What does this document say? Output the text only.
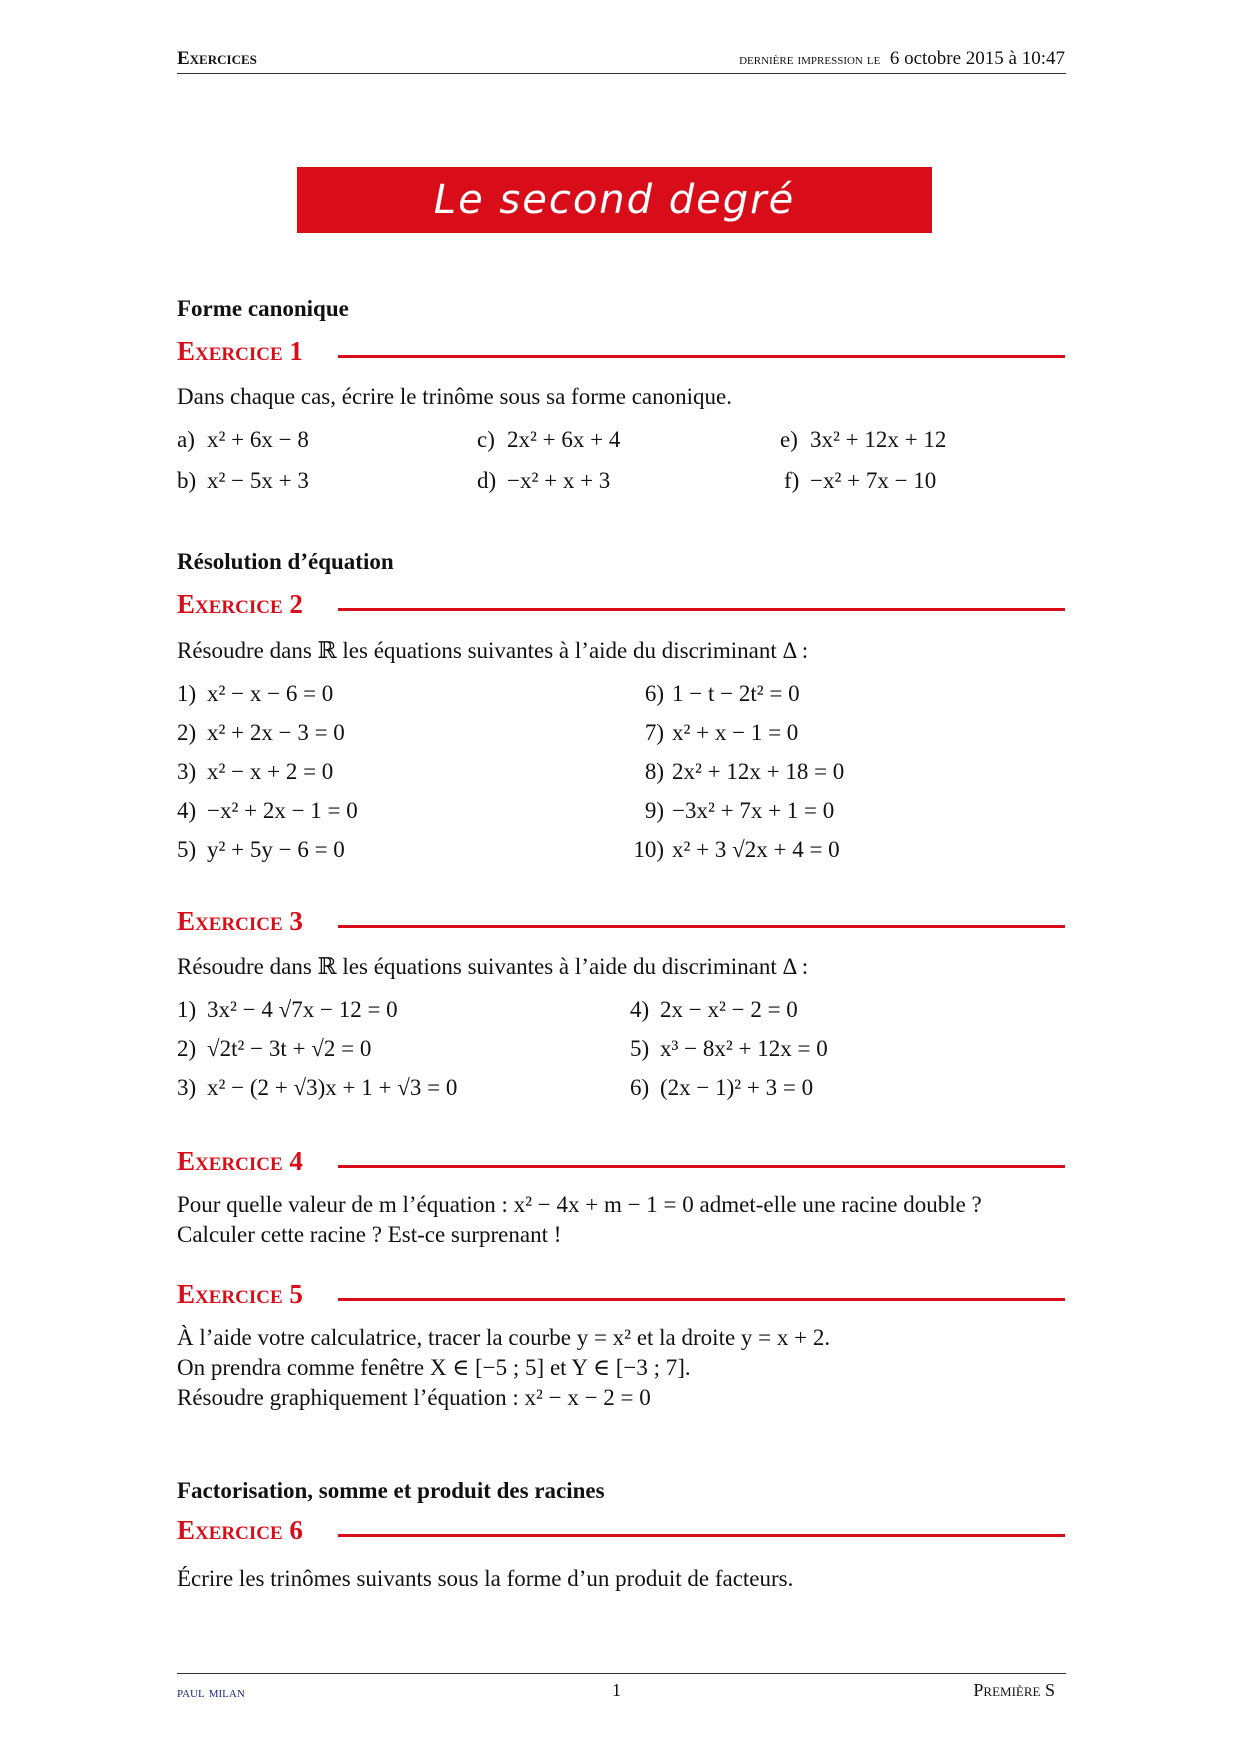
Exercices	dernière impression le 6 octobre 2015 à 10:47
Le second degré
Forme canonique
Exercice 1
Dans chaque cas, écrire le trinôme sous sa forme canonique.
a) x² + 6x − 8	c) 2x² + 6x + 4	e) 3x² + 12x + 12
b) x² − 5x + 3	d) −x² + x + 3	f) −x² + 7x − 10
Résolution d’équation
Exercice 2
Résoudre dans ℝ les équations suivantes à l’aide du discriminant Δ :
1) x² − x − 6 = 0
2) x² + 2x − 3 = 0
3) x² − x + 2 = 0
4) −x² + 2x − 1 = 0
5) y² + 5y − 6 = 0
6) 1 − t − 2t² = 0
7) x² + x − 1 = 0
8) 2x² + 12x + 18 = 0
9) −3x² + 7x + 1 = 0
10) x² + 3 √2x + 4 = 0
Exercice 3
Résoudre dans ℝ les équations suivantes à l’aide du discriminant Δ :
1) 3x² − 4 √7x − 12 = 0
2) √2t² − 3t + √2 = 0
3) x² − (2 + √3)x + 1 + √3 = 0
4) 2x − x² − 2 = 0
5) x³ − 8x² + 12x = 0
6) (2x − 1)² + 3 = 0
Exercice 4
Pour quelle valeur de m l’équation : x² − 4x + m − 1 = 0 admet-elle une racine double ?
Calculer cette racine ? Est-ce surprenant !
Exercice 5
À l’aide votre calculatrice, tracer la courbe y = x² et la droite y = x + 2.
On prendra comme fenêtre X ∈ [−5 ; 5] et Y ∈ [−3 ; 7].
Résoudre graphiquement l’équation : x² − x − 2 = 0
Factorisation, somme et produit des racines
Exercice 6
Écrire les trinômes suivants sous la forme d’un produit de facteurs.
paul milan	1	Première S
